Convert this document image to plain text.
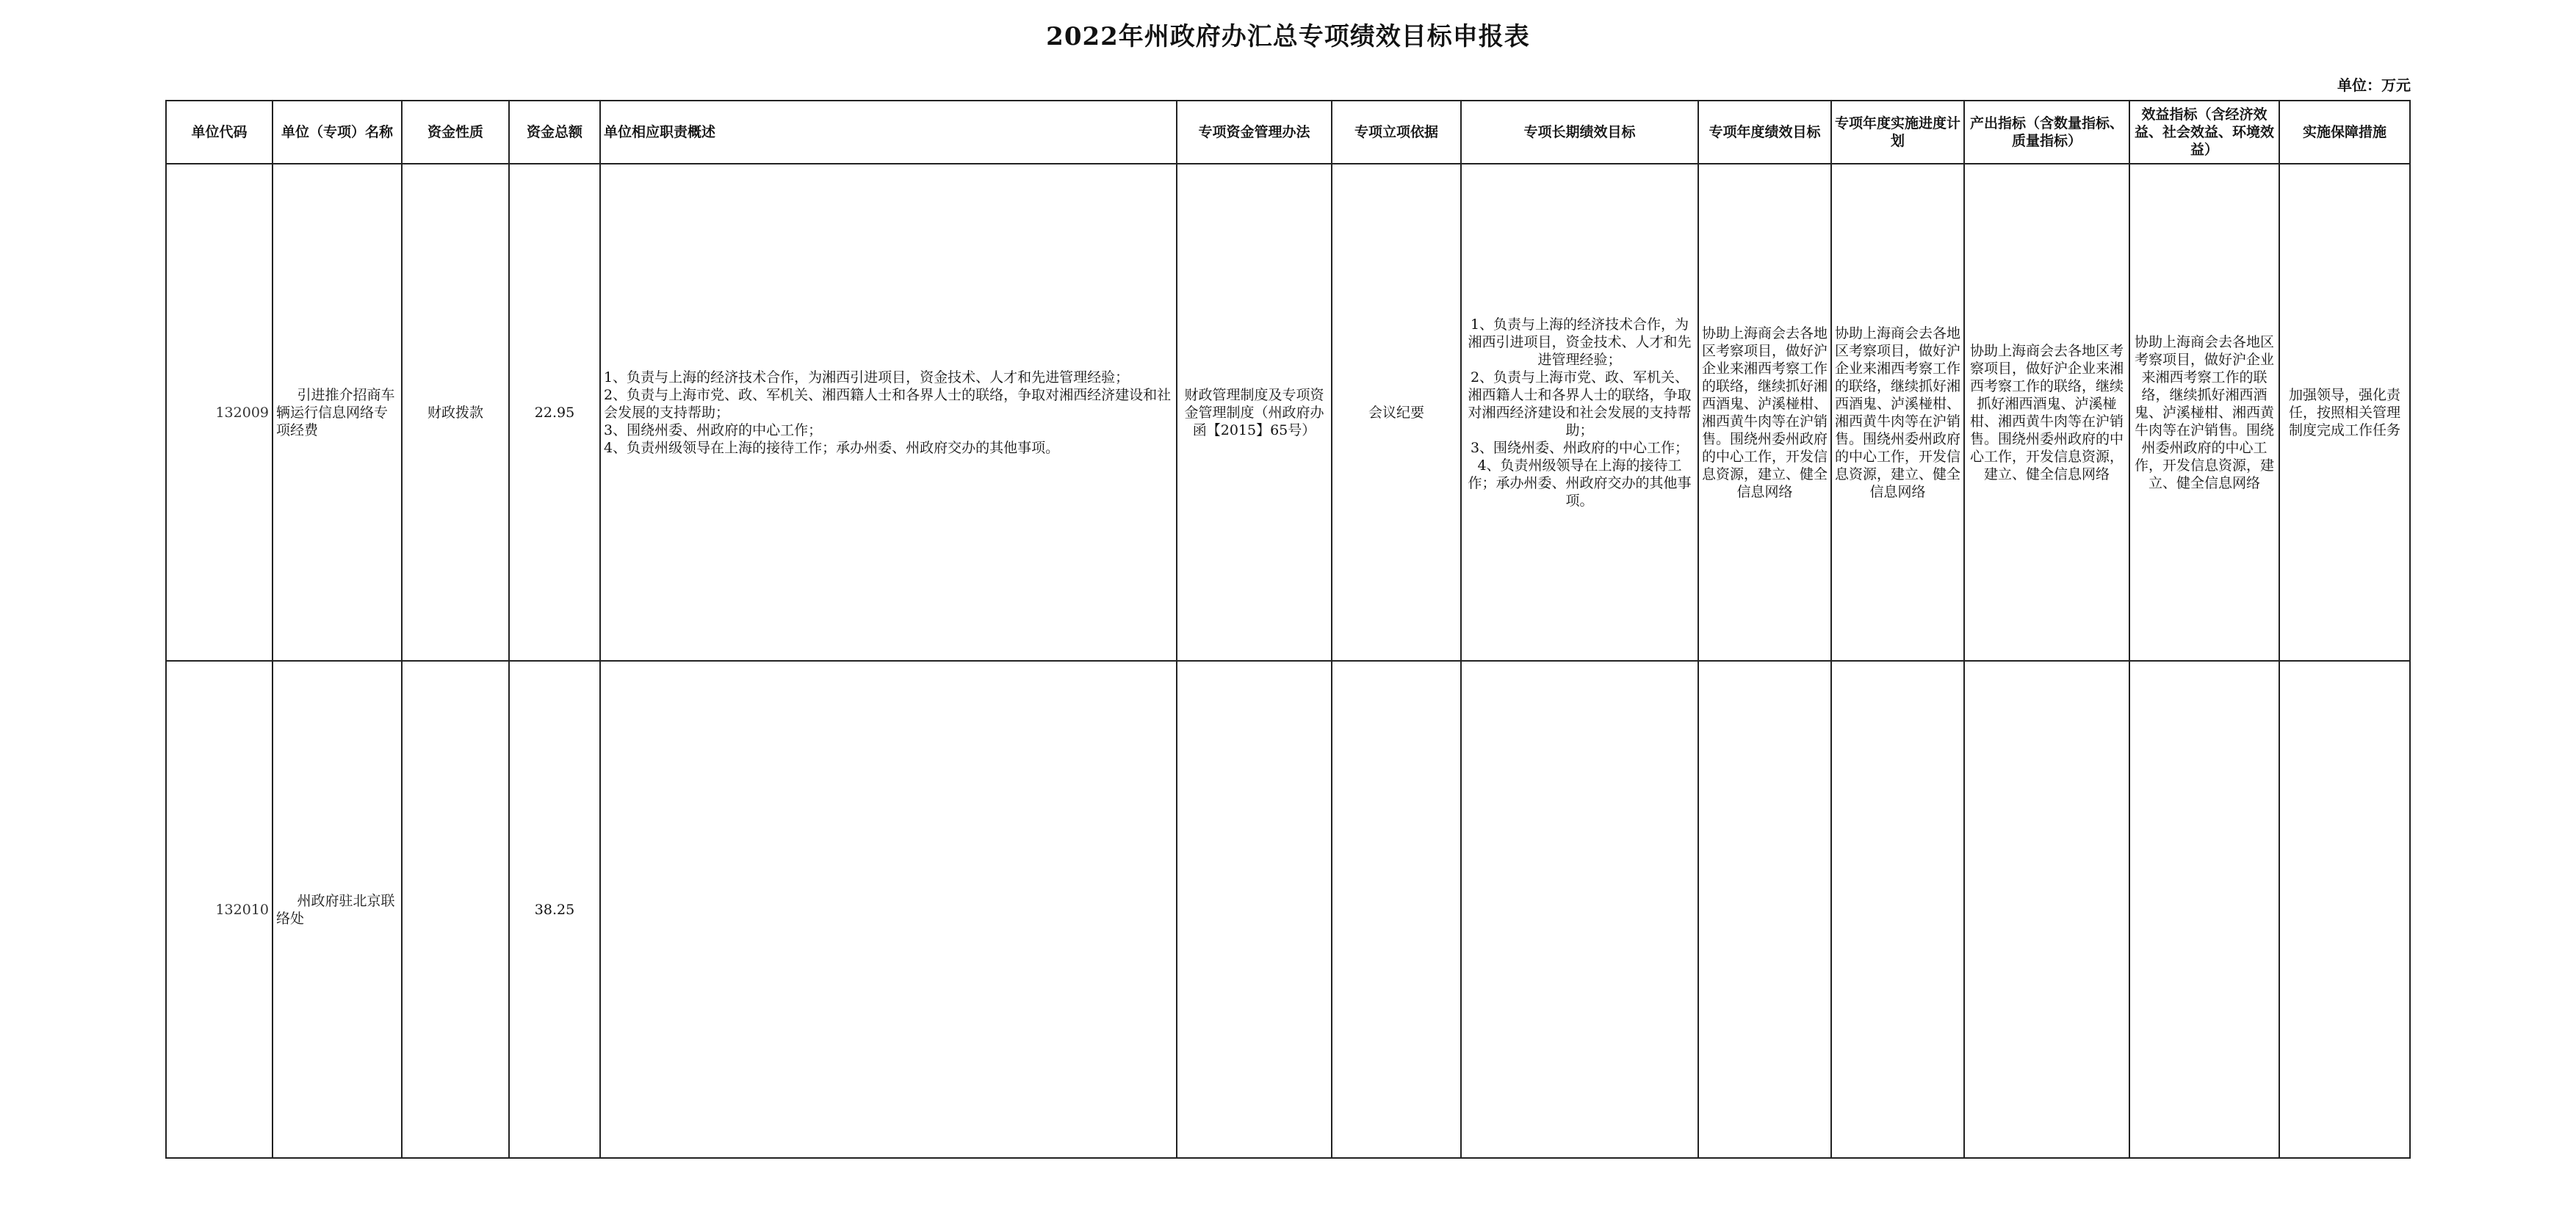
2022年州政府办汇总专项绩效目标申报表
单位：万元
单位代码	单位（专项）名称	资金性质	资金总额	单位相应职责概述	专项资金管理办法	专项立项依据	专项长期绩效目标	专项年度绩效目标	专项年度实施进度计划	产出指标（含数量指标、质量指标）	效益指标（含经济效益、社会效益、环境效益）	实施保障措施
132009	引进推介招商车辆运行信息网络专项经费	财政拨款	22.95	1、负责与上海的经济技术合作，为湘西引进项目，资金技术、人才和先进管理经验；
2、负责与上海市党、政、军机关、湘西籍人士和各界人士的联络，争取对湘西经济建设和社会发展的支持帮助；
3、围绕州委、州政府的中心工作；
4、负责州级领导在上海的接待工作；承办州委、州政府交办的其他事项。	财政管理制度及专项资金管理制度（州政府办函【2015】65号）	会议纪要	1、负责与上海的经济技术合作，为湘西引进项目，资金技术、人才和先进管理经验；
2、负责与上海市党、政、军机关、湘西籍人士和各界人士的联络，争取对湘西经济建设和社会发展的支持帮助；
3、围绕州委、州政府的中心工作；
4、负责州级领导在上海的接待工作；承办州委、州政府交办的其他事项。	协助上海商会去各地区考察项目，做好沪企业来湘西考察工作的联络，继续抓好湘西酒鬼、泸溪椪柑、湘西黄牛肉等在沪销售。围绕州委州政府的中心工作，开发信息资源，建立、健全信息网络	协助上海商会去各地区考察项目，做好沪企业来湘西考察工作的联络，继续抓好湘西酒鬼、泸溪椪柑、湘西黄牛肉等在沪销售。围绕州委州政府的中心工作，开发信息资源，建立、健全信息网络	协助上海商会去各地区考察项目，做好沪企业来湘西考察工作的联络，继续抓好湘西酒鬼、泸溪椪柑、湘西黄牛肉等在沪销售。围绕州委州政府的中心工作，开发信息资源，建立、健全信息网络	协助上海商会去各地区考察项目，做好沪企业来湘西考察工作的联络，继续抓好湘西酒鬼、泸溪椪柑、湘西黄牛肉等在沪销售。围绕州委州政府的中心工作，开发信息资源，建立、健全信息网络	加强领导，强化责任，按照相关管理制度完成工作任务
132010	州政府驻北京联络处		38.25									
